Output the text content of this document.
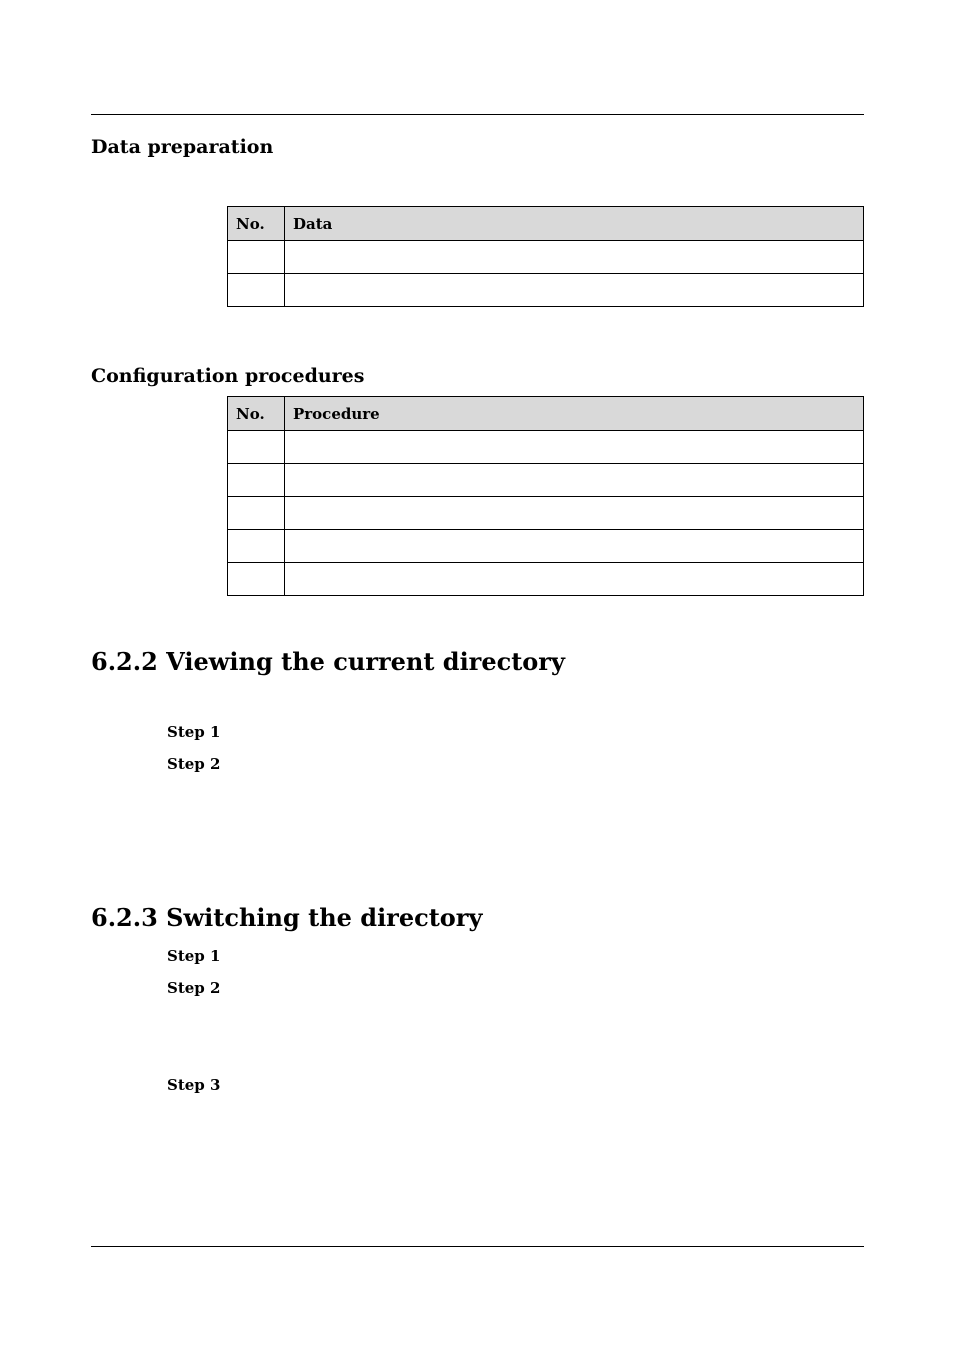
Data preparation
No.	Data

Configuration procedures
No.	Procedure

6.2.2 Viewing the current directory
Step 1
Step 2
6.2.3 Switching the directory
Step 1
Step 2
Step 3
